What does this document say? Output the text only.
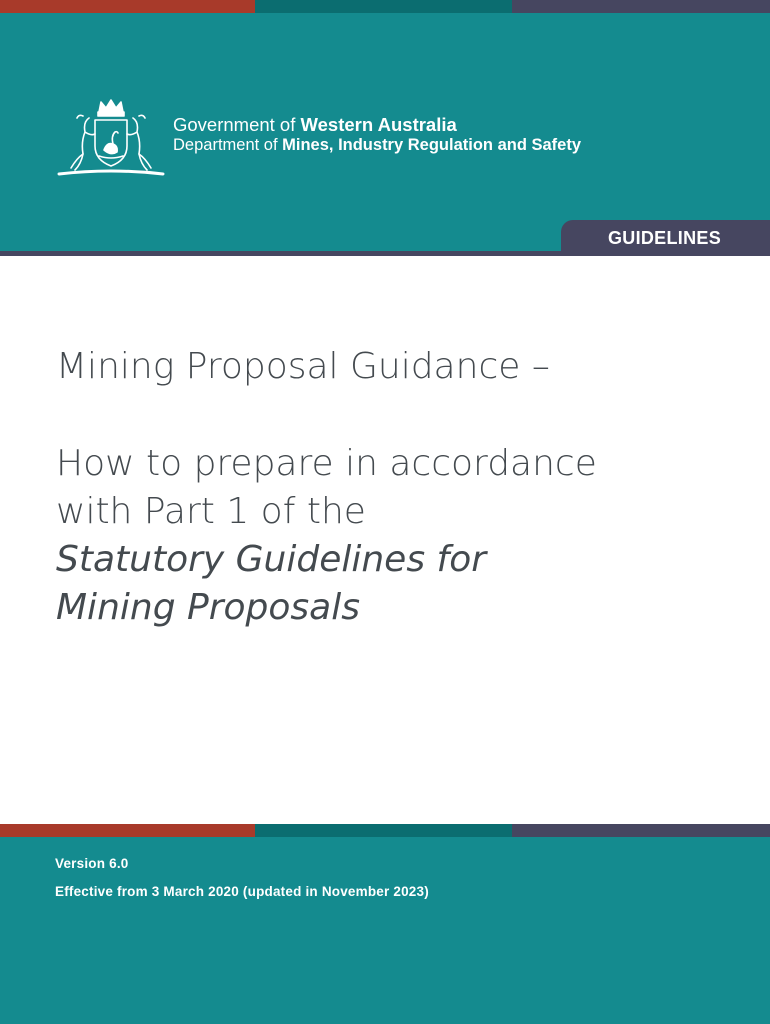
Government of Western Australia
Department of Mines, Industry Regulation and Safety
GUIDELINES
Mining Proposal Guidance –
How to prepare in accordance
with Part 1 of the
Statutory Guidelines for
Mining Proposals
Version 6.0
Effective from 3 March 2020 (updated in November 2023)
